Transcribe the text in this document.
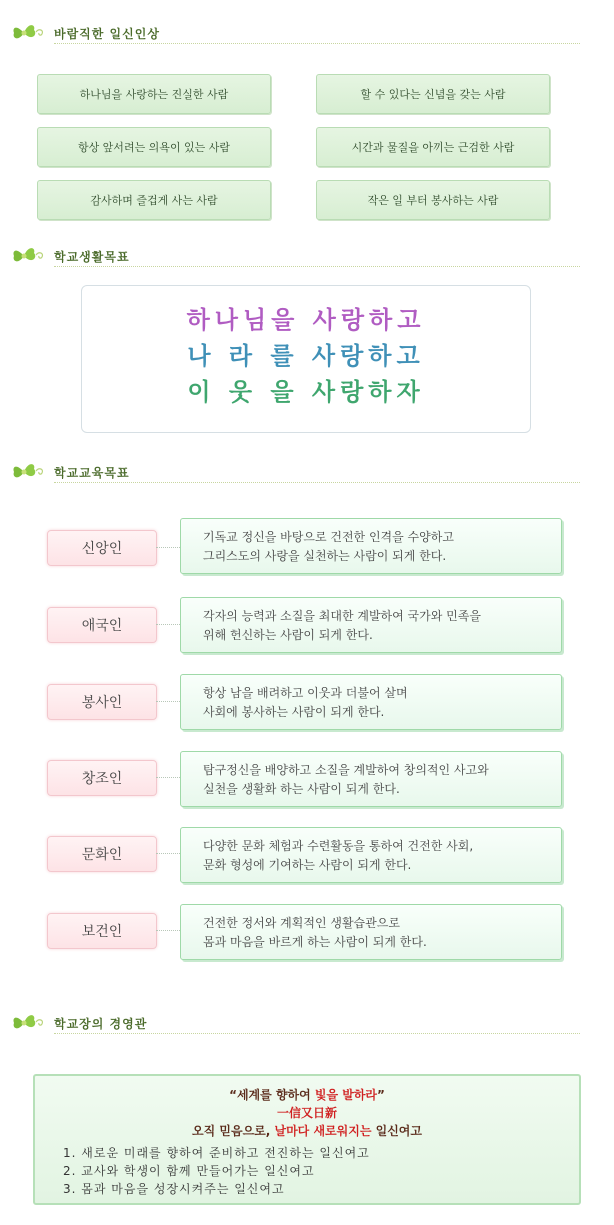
바람직한 일신인상
하나님을 사랑하는 진실한 사람	할 수 있다는 신념을 갖는 사람
항상 앞서려는 의욕이 있는 사람	시간과 물질을 아끼는 근검한 사람
감사하며 즐겁게 사는 사람	작은 일 부터 봉사하는 사람
학교생활목표
하나님을 사랑하고
나 라 를 사랑하고
이 웃 을 사랑하자
학교교육목표
신앙인
기독교 정신을 바탕으로 건전한 인격을 수양하고
그리스도의 사랑을 실천하는 사람이 되게 한다.
애국인
각자의 능력과 소질을 최대한 계발하여 국가와 민족을
위해 헌신하는 사람이 되게 한다.
봉사인
항상 남을 배려하고 이웃과 더불어 살며
사회에 봉사하는 사람이 되게 한다.
창조인
탐구정신을 배양하고 소질을 계발하여 창의적인 사고와
실천을 생활화 하는 사람이 되게 한다.
문화인
다양한 문화 체험과 수련활동을 통하여 건전한 사회,
문화 형성에 기여하는 사람이 되게 한다.
보건인
건전한 정서와 계획적인 생활습관으로
몸과 마음을 바르게 하는 사람이 되게 한다.
학교장의 경영관
“세계를 향하여 빛을 발하라”
一信又日新
오직 믿음으로, 날마다 새로워지는 일신여고
1. 새로운 미래를 향하여 준비하고 전진하는 일신여고
2. 교사와 학생이 함께 만들어가는 일신여고
3. 몸과 마음을 성장시켜주는 일신여고
